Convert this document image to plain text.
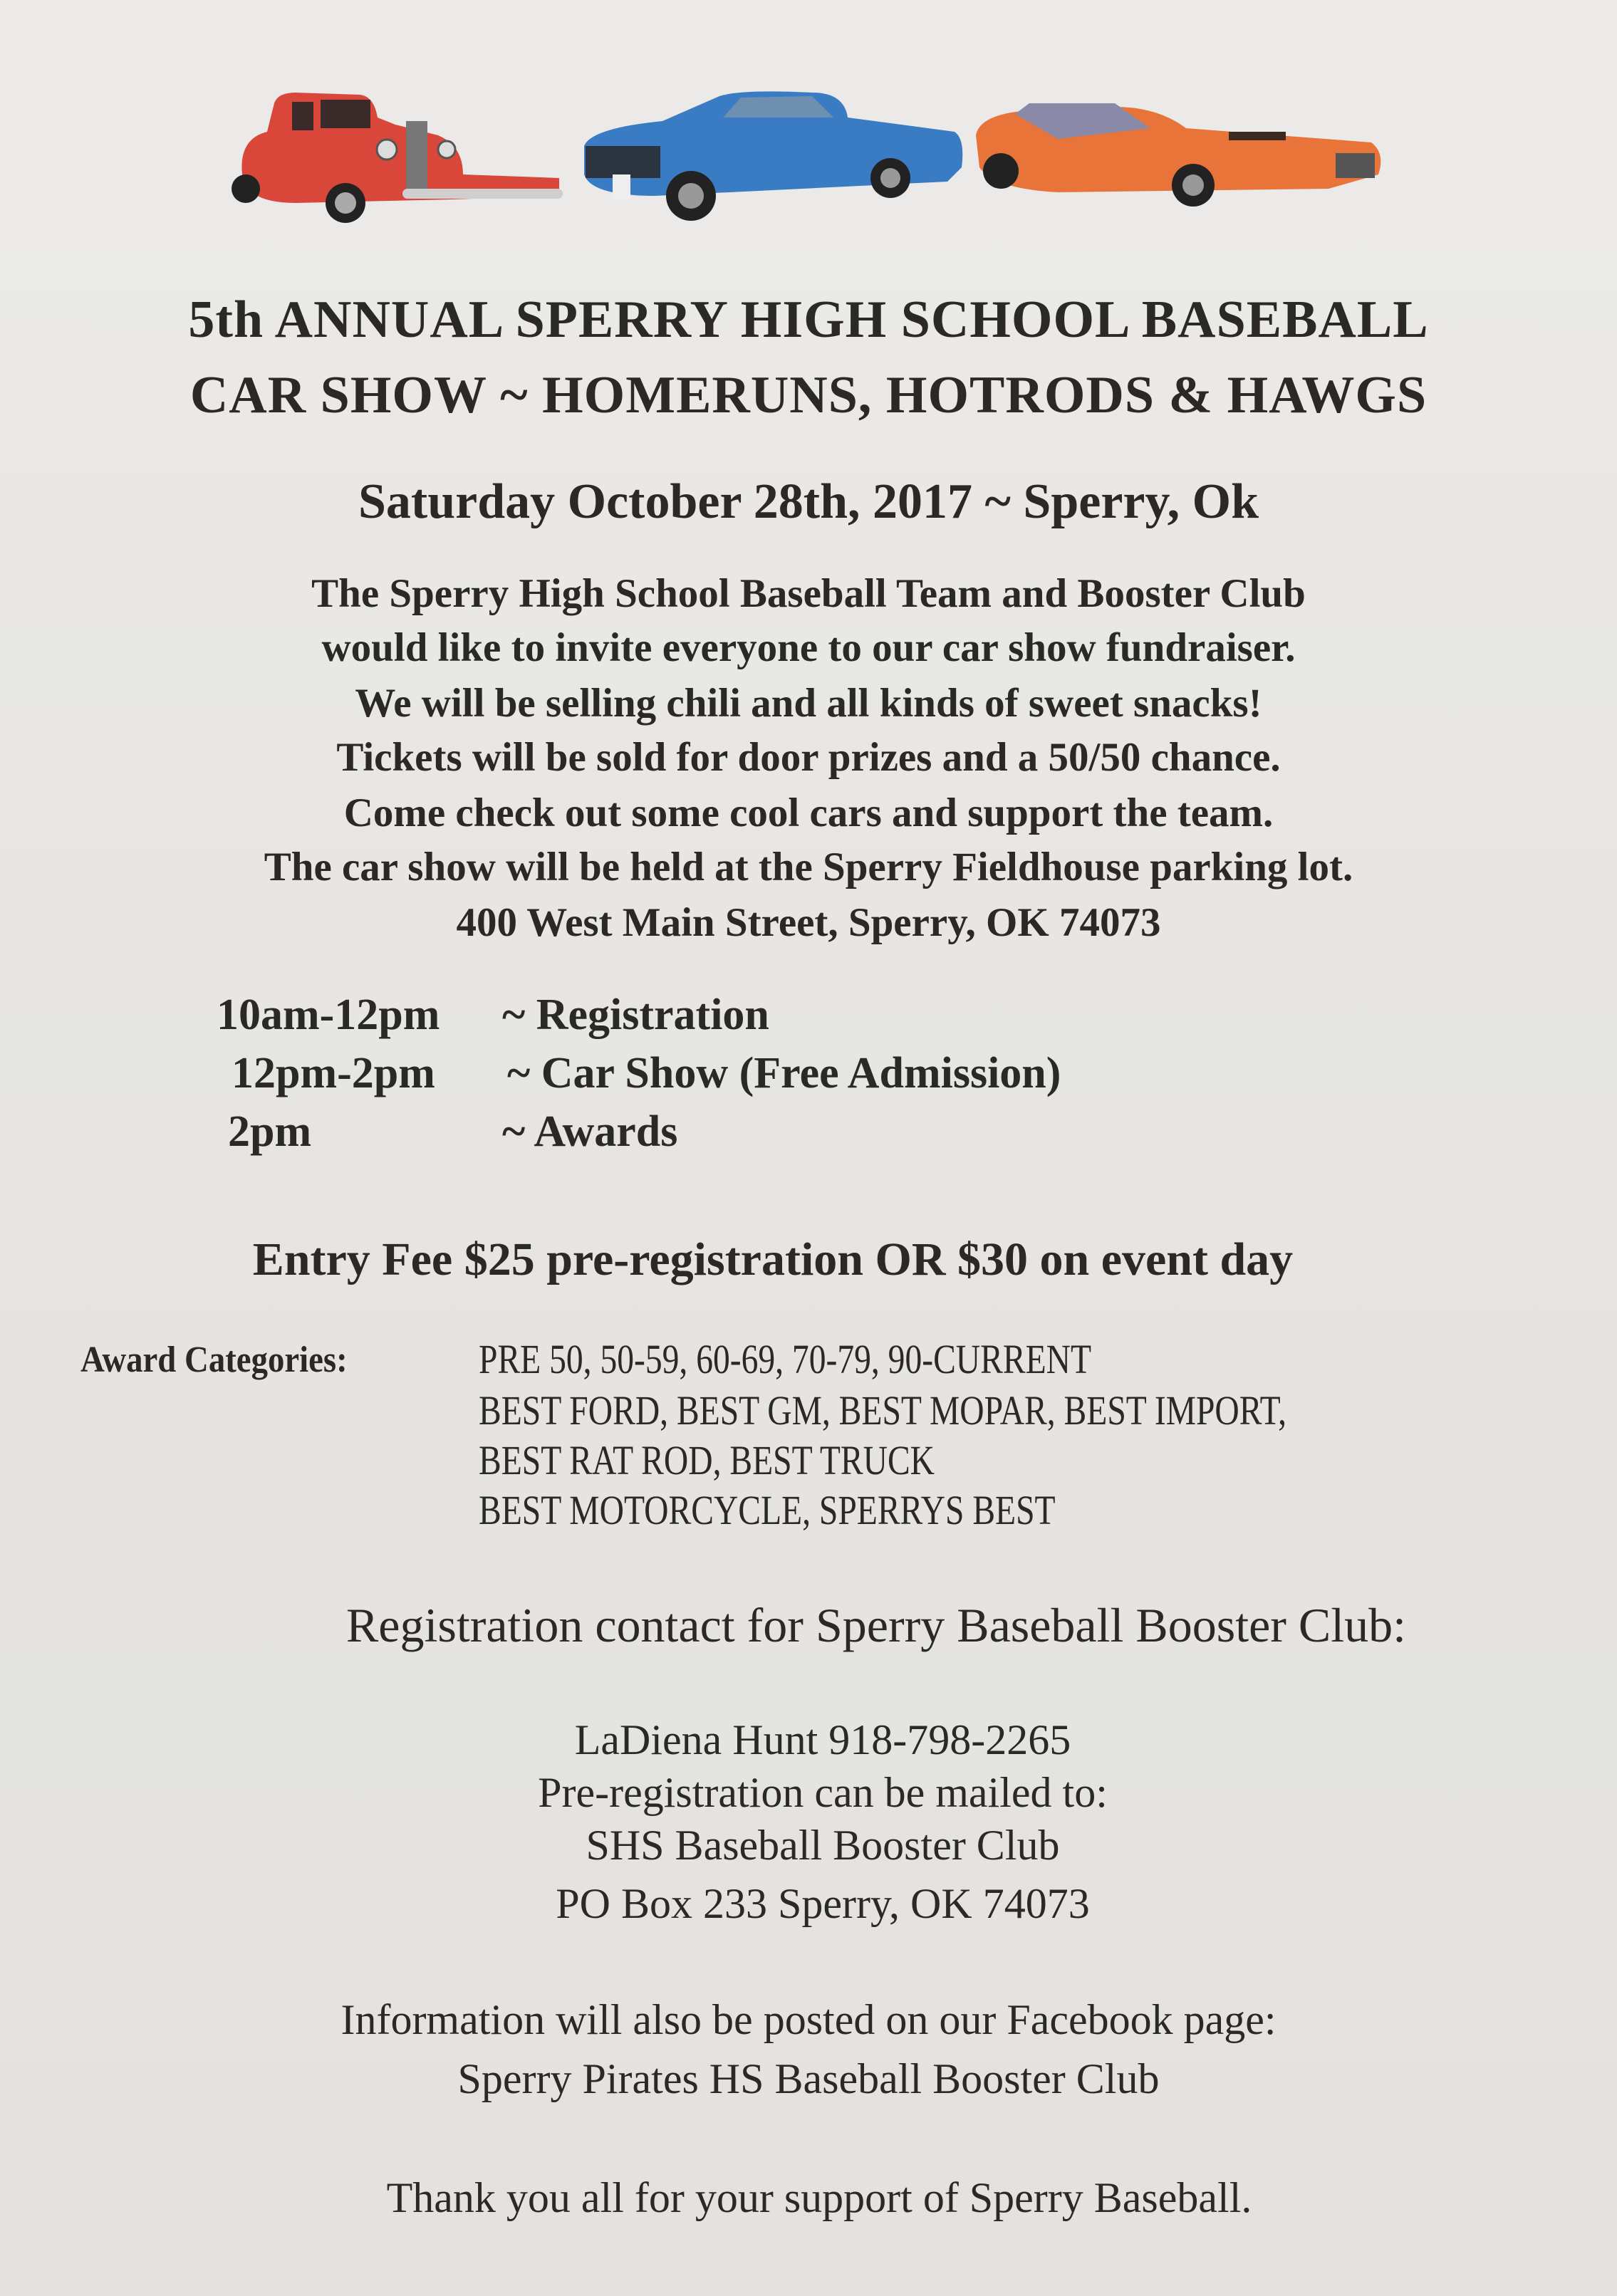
5th ANNUAL SPERRY HIGH SCHOOL BASEBALL
CAR SHOW ~ HOMERUNS, HOTRODS & HAWGS
Saturday October 28th, 2017 ~ Sperry, Ok
The Sperry High School Baseball Team and Booster Club
would like to invite everyone to our car show fundraiser.
We will be selling chili and all kinds of sweet snacks!
Tickets will be sold for door prizes and a 50/50 chance.
Come check out some cool cars and support the team.
The car show will be held at the Sperry Fieldhouse parking lot.
400 West Main Street, Sperry, OK 74073
10am-12pm ~ Registration
12pm-2pm ~ Car Show (Free Admission)
2pm	~ Awards
Entry Fee $25 pre-registration OR $30 on event day
Award Categories:	PRE 50, 50-59, 60-69, 70-79, 90-CURRENT
BEST FORD, BEST GM, BEST MOPAR, BEST IMPORT,
BEST RAT ROD, BEST TRUCK
BEST MOTORCYCLE, SPERRYS BEST
Registration contact for Sperry Baseball Booster Club:
LaDiena Hunt 918-798-2265
Pre-registration can be mailed to:
SHS Baseball Booster Club
PO Box 233 Sperry, OK 74073
Information will also be posted on our Facebook page:
Sperry Pirates HS Baseball Booster Club
Thank you all for your support of Sperry Baseball.
